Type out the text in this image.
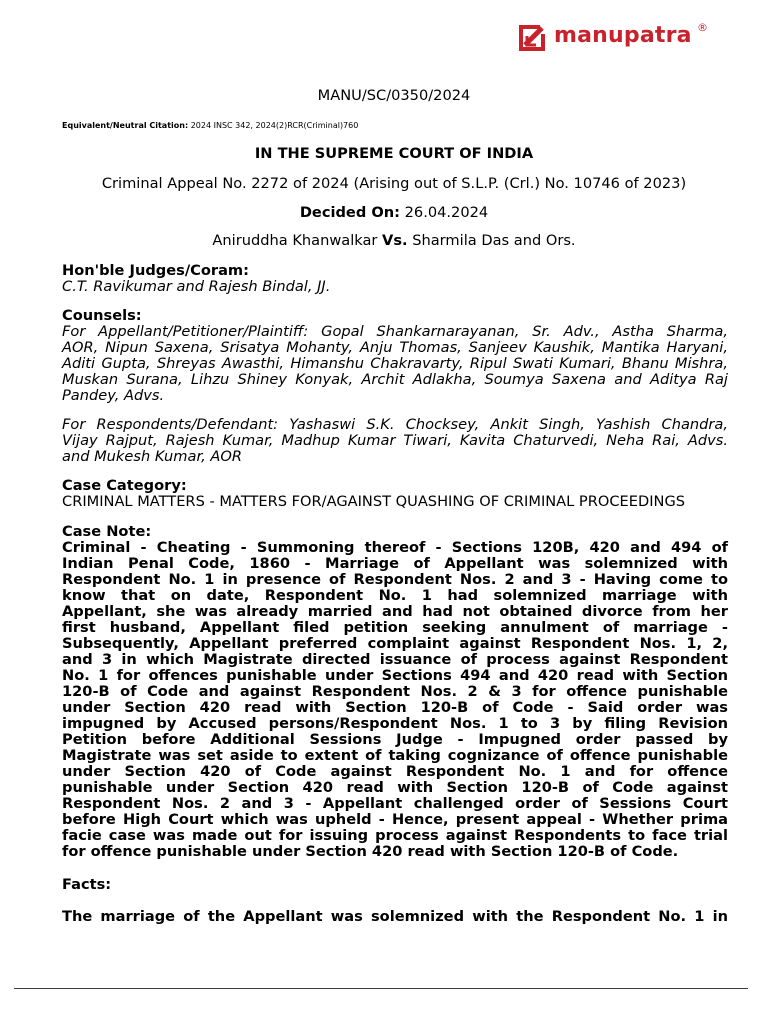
manupatra ®
MANU/SC/0350/2024
Equivalent/Neutral Citation: 2024 INSC 342, 2024(2)RCR(Criminal)760
IN THE SUPREME COURT OF INDIA
Criminal Appeal No. 2272 of 2024 (Arising out of S.L.P. (Crl.) No. 10746 of 2023)
Decided On: 26.04.2024
Aniruddha Khanwalkar Vs. Sharmila Das and Ors.
Hon'ble Judges/Coram:
C.T. Ravikumar and Rajesh Bindal, JJ.
Counsels:
For Appellant/Petitioner/Plaintiff: Gopal Shankarnarayanan, Sr. Adv., Astha Sharma,
AOR, Nipun Saxena, Srisatya Mohanty, Anju Thomas, Sanjeev Kaushik, Mantika Haryani,
Aditi Gupta, Shreyas Awasthi, Himanshu Chakravarty, Ripul Swati Kumari, Bhanu Mishra,
Muskan Surana, Lihzu Shiney Konyak, Archit Adlakha, Soumya Saxena and Aditya Raj
Pandey, Advs.
For Respondents/Defendant: Yashaswi S.K. Chocksey, Ankit Singh, Yashish Chandra,
Vijay Rajput, Rajesh Kumar, Madhup Kumar Tiwari, Kavita Chaturvedi, Neha Rai, Advs.
and Mukesh Kumar, AOR
Case Category:
CRIMINAL MATTERS - MATTERS FOR/AGAINST QUASHING OF CRIMINAL PROCEEDINGS
Case Note:
Criminal - Cheating - Summoning thereof - Sections 120B, 420 and 494 of
Indian Penal Code, 1860 - Marriage of Appellant was solemnized with
Respondent No. 1 in presence of Respondent Nos. 2 and 3 - Having come to
know that on date, Respondent No. 1 had solemnized marriage with
Appellant, she was already married and had not obtained divorce from her
first husband, Appellant filed petition seeking annulment of marriage -
Subsequently, Appellant preferred complaint against Respondent Nos. 1, 2,
and 3 in which Magistrate directed issuance of process against Respondent
No. 1 for offences punishable under Sections 494 and 420 read with Section
120-B of Code and against Respondent Nos. 2 & 3 for offence punishable
under Section 420 read with Section 120-B of Code - Said order was
impugned by Accused persons/Respondent Nos. 1 to 3 by filing Revision
Petition before Additional Sessions Judge - Impugned order passed by
Magistrate was set aside to extent of taking cognizance of offence punishable
under Section 420 of Code against Respondent No. 1 and for offence
punishable under Section 420 read with Section 120-B of Code against
Respondent Nos. 2 and 3 - Appellant challenged order of Sessions Court
before High Court which was upheld - Hence, present appeal - Whether prima
facie case was made out for issuing process against Respondents to face trial
for offence punishable under Section 420 read with Section 120-B of Code.
Facts:
The marriage of the Appellant was solemnized with the Respondent No. 1 in
